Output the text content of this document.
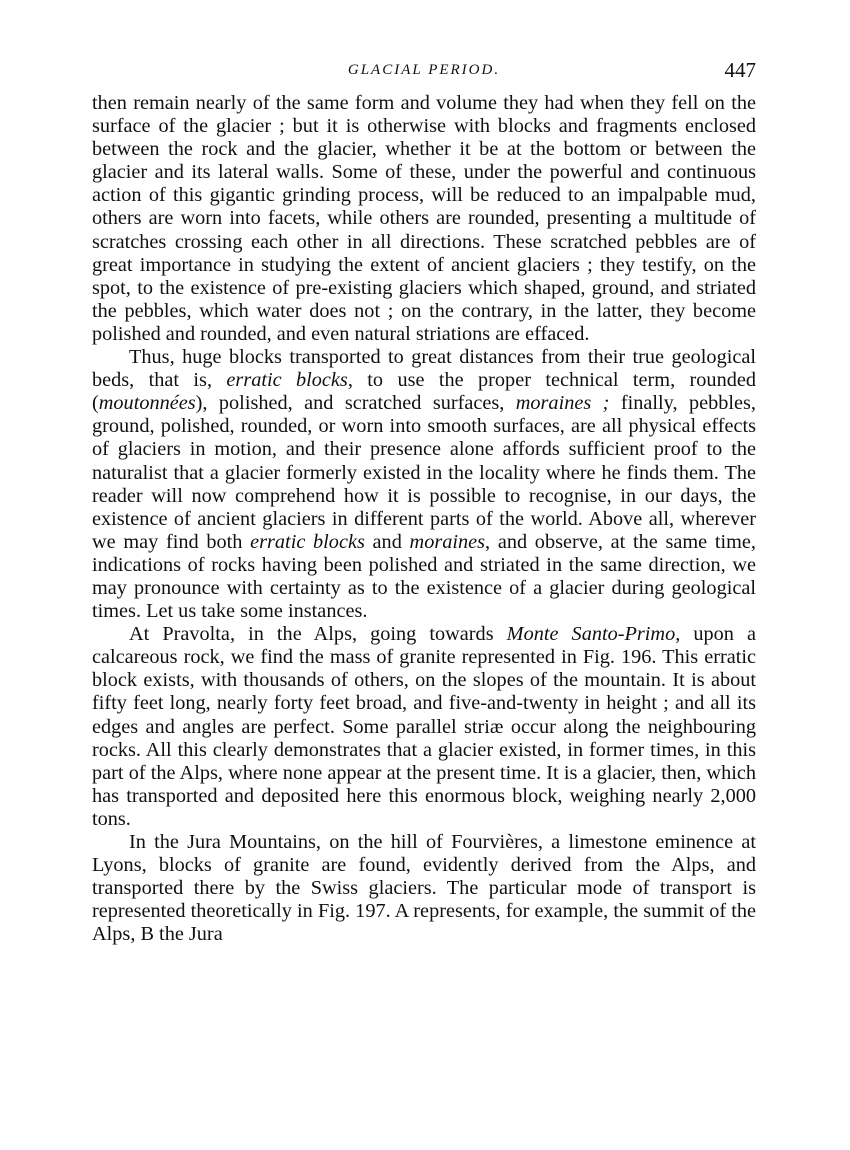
GLACIAL PERIOD.	447

then remain nearly of the same form and volume they had when they fell on the surface of the glacier ; but it is otherwise with blocks and fragments enclosed between the rock and the glacier, whether it be at the bottom or between the glacier and its lateral walls. Some of these, under the powerful and continuous action of this gigantic grinding process, will be reduced to an impalpable mud, others are worn into facets, while others are rounded, presenting a multitude of scratches crossing each other in all directions. These scratched pebbles are of great importance in studying the extent of ancient glaciers ; they testify, on the spot, to the existence of pre-existing glaciers which shaped, ground, and striated the pebbles, which water does not ; on the contrary, in the latter, they become polished and rounded, and even natural striations are effaced.

Thus, huge blocks transported to great distances from their true geological beds, that is, erratic blocks, to use the proper technical term, rounded (moutonnées), polished, and scratched surfaces, moraines ; finally, pebbles, ground, polished, rounded, or worn into smooth surfaces, are all physical effects of glaciers in motion, and their presence alone affords sufficient proof to the naturalist that a glacier formerly existed in the locality where he finds them. The reader will now comprehend how it is possible to recognise, in our days, the existence of ancient glaciers in different parts of the world. Above all, wherever we may find both erratic blocks and moraines, and observe, at the same time, indications of rocks having been polished and striated in the same direction, we may pronounce with certainty as to the existence of a glacier during geological times. Let us take some instances.

At Pravolta, in the Alps, going towards Monte Santo-Primo, upon a calcareous rock, we find the mass of granite represented in Fig. 196. This erratic block exists, with thousands of others, on the slopes of the mountain. It is about fifty feet long, nearly forty feet broad, and five-and-twenty in height ; and all its edges and angles are perfect. Some parallel striæ occur along the neighbouring rocks. All this clearly demonstrates that a glacier existed, in former times, in this part of the Alps, where none appear at the present time. It is a glacier, then, which has transported and deposited here this enormous block, weighing nearly 2,000 tons.

In the Jura Mountains, on the hill of Fourvières, a limestone eminence at Lyons, blocks of granite are found, evidently derived from the Alps, and transported there by the Swiss glaciers. The particular mode of transport is represented theoretically in Fig. 197. A represents, for example, the summit of the Alps, B the Jura
